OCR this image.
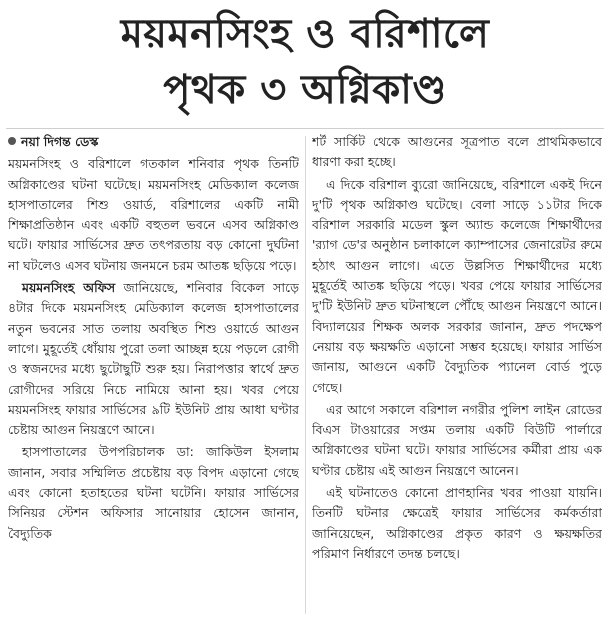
ময়মনসিংহ ও বরিশালে
পৃথক ৩ অগ্নিকাণ্ড
নয়া দিগন্ত ডেস্ক

ময়মনসিংহ ও বরিশালে গতকাল শনিবার পৃথক তিনটি অগ্নিকাণ্ডের ঘটনা ঘটেছে। ময়মনসিংহ মেডিক্যাল কলেজ হাসপাতালের শিশু ওয়ার্ড, বরিশালের একটি নামী শিক্ষাপ্রতিষ্ঠান এবং একটি বহুতল ভবনে এসব অগ্নিকাণ্ড ঘটে। ফায়ার সার্ভিসের দ্রুত তৎপরতায় বড় কোনো দুর্ঘটনা না ঘটলেও এসব ঘটনায় জনমনে চরম আতঙ্ক ছড়িয়ে পড়ে।

ময়মনসিংহ অফিস জানিয়েছে, শনিবার বিকেল সাড়ে ৪টার দিকে ময়মনসিংহ মেডিক্যাল কলেজ হাসপাতালের নতুন ভবনের সাত তলায় অবস্থিত শিশু ওয়ার্ডে আগুন লাগে। মুহূর্তেই ধোঁয়ায় পুরো তলা আচ্ছন্ন হয়ে পড়লে রোগী ও স্বজনদের মধ্যে ছুটোছুটি শুরু হয়। নিরাপত্তার স্বার্থে দ্রুত রোগীদের সরিয়ে নিচে নামিয়ে আনা হয়। খবর পেয়ে ময়মনসিংহ ফায়ার সার্ভিসের ৯টি ইউনিট প্রায় আধা ঘণ্টার চেষ্টায় আগুন নিয়ন্ত্রণে আনে।

হাসপাতালের উপপরিচালক ডা: জাকিউল ইসলাম জানান, সবার সম্মিলিত প্রচেষ্টায় বড় বিপদ এড়ানো গেছে এবং কোনো হতাহতের ঘটনা ঘটেনি। ফায়ার সার্ভিসের সিনিয়র স্টেশন অফিসার সানোয়ার হোসেন জানান, বৈদ্যুতিক

শর্ট সার্কিট থেকে আগুনের সূত্রপাত বলে প্রাথমিকভাবে ধারণা করা হচ্ছে।

এ দিকে বরিশাল ব্যুরো জানিয়েছে, বরিশালে একই দিনে দু'টি পৃথক অগ্নিকাণ্ড ঘটেছে। বেলা সাড়ে ১১টার দিকে বরিশাল সরকারি মডেল স্কুল অ্যান্ড কলেজে শিক্ষার্থীদের 'র‍্যাগ ডে'র অনুষ্ঠান চলাকালে ক্যাম্পাসের জেনারেটর রুমে হঠাৎ আগুন লাগে। এতে উল্লসিত শিক্ষার্থীদের মধ্যে মুহূর্তেই আতঙ্ক ছড়িয়ে পড়ে। খবর পেয়ে ফায়ার সার্ভিসের দু'টি ইউনিট দ্রুত ঘটনাস্থলে পৌঁছে আগুন নিয়ন্ত্রণে আনে। বিদ্যালয়ের শিক্ষক অলক সরকার জানান, দ্রুত পদক্ষেপ নেয়ায় বড় ক্ষয়ক্ষতি এড়ানো সম্ভব হয়েছে। ফায়ার সার্ভিস জানায়, আগুনে একটি বৈদ্যুতিক প্যানেল বোর্ড পুড়ে গেছে।

এর আগে সকালে বরিশাল নগরীর পুলিশ লাইন রোডের বিএস টাওয়ারের সপ্তম তলায় একটি বিউটি পার্লারে অগ্নিকাণ্ডের ঘটনা ঘটে। ফায়ার সার্ভিসের কর্মীরা প্রায় এক ঘণ্টার চেষ্টায় এই আগুন নিয়ন্ত্রণে আনেন।

এই ঘটনাতেও কোনো প্রাণহানির খবর পাওয়া যায়নি। তিনটি ঘটনার ক্ষেত্রেই ফায়ার সার্ভিসের কর্মকর্তারা জানিয়েছেন, অগ্নিকাণ্ডের প্রকৃত কারণ ও ক্ষয়ক্ষতির পরিমাণ নির্ধারণে তদন্ত চলছে।
